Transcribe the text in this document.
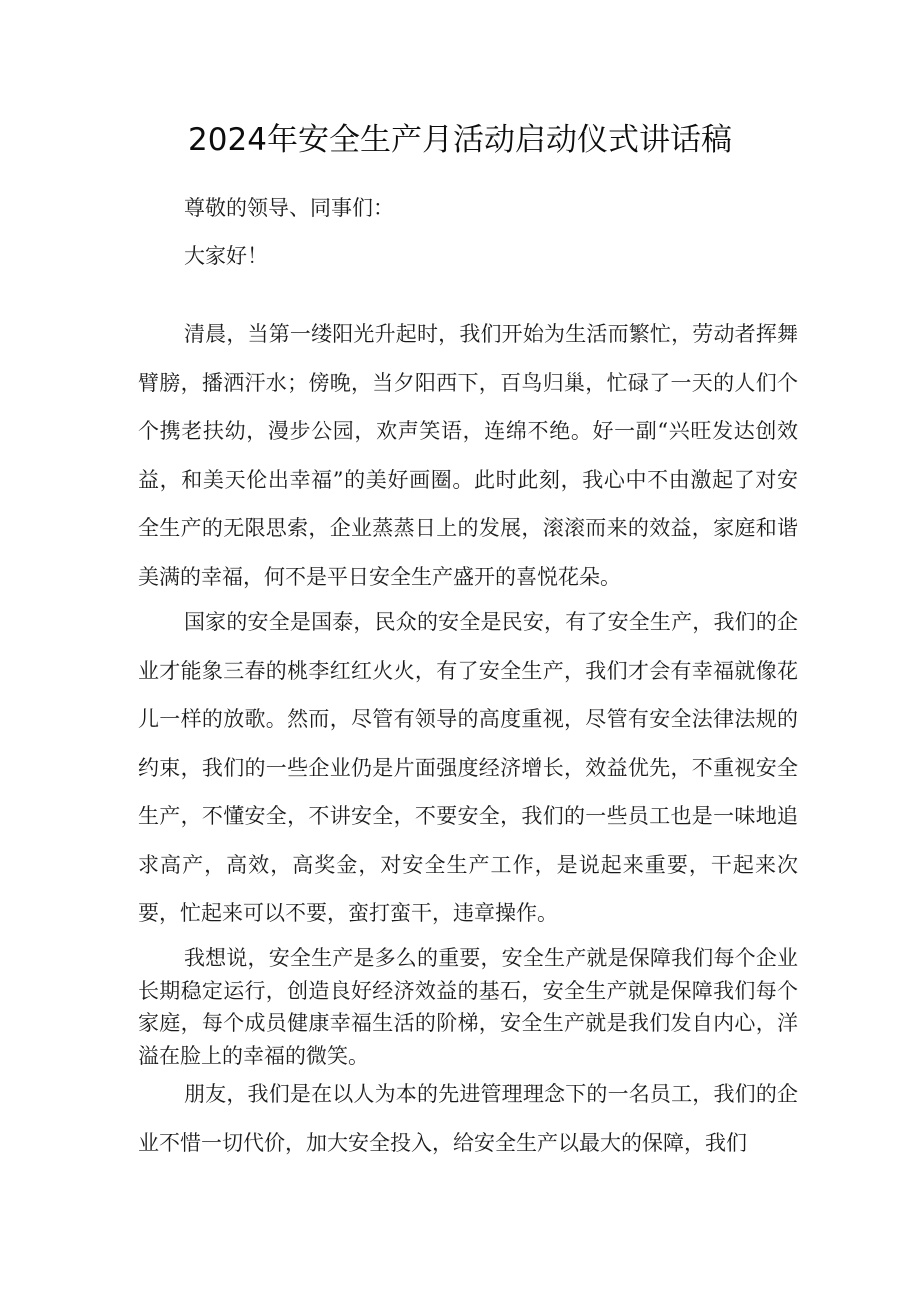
2024年安全生产月活动启动仪式讲话稿

尊敬的领导、同事们：

大家好！

清晨，当第一缕阳光升起时，我们开始为生活而繁忙，劳动者挥舞臂膀，播洒汗水；傍晚，当夕阳西下，百鸟归巢，忙碌了一天的人们个个携老扶幼，漫步公园，欢声笑语，连绵不绝。好一副“兴旺发达创效益，和美天伦出幸福”的美好画圈。此时此刻，我心中不由激起了对安全生产的无限思索，企业蒸蒸日上的发展，滚滚而来的效益，家庭和谐美满的幸福，何不是平日安全生产盛开的喜悦花朵。

国家的安全是国泰，民众的安全是民安，有了安全生产，我们的企业才能象三春的桃李红红火火，有了安全生产，我们才会有幸福就像花儿一样的放歌。然而，尽管有领导的高度重视，尽管有安全法律法规的约束，我们的一些企业仍是片面强度经济增长，效益优先，不重视安全生产，不懂安全，不讲安全，不要安全，我们的一些员工也是一味地追求高产，高效，高奖金，对安全生产工作，是说起来重要，干起来次要，忙起来可以不要，蛮打蛮干，违章操作。

我想说，安全生产是多么的重要，安全生产就是保障我们每个企业长期稳定运行，创造良好经济效益的基石，安全生产就是保障我们每个家庭，每个成员健康幸福生活的阶梯，安全生产就是我们发自内心，洋溢在脸上的幸福的微笑。

朋友，我们是在以人为本的先进管理理念下的一名员工，我们的企业不惜一切代价，加大安全投入，给安全生产以最大的保障，我们
